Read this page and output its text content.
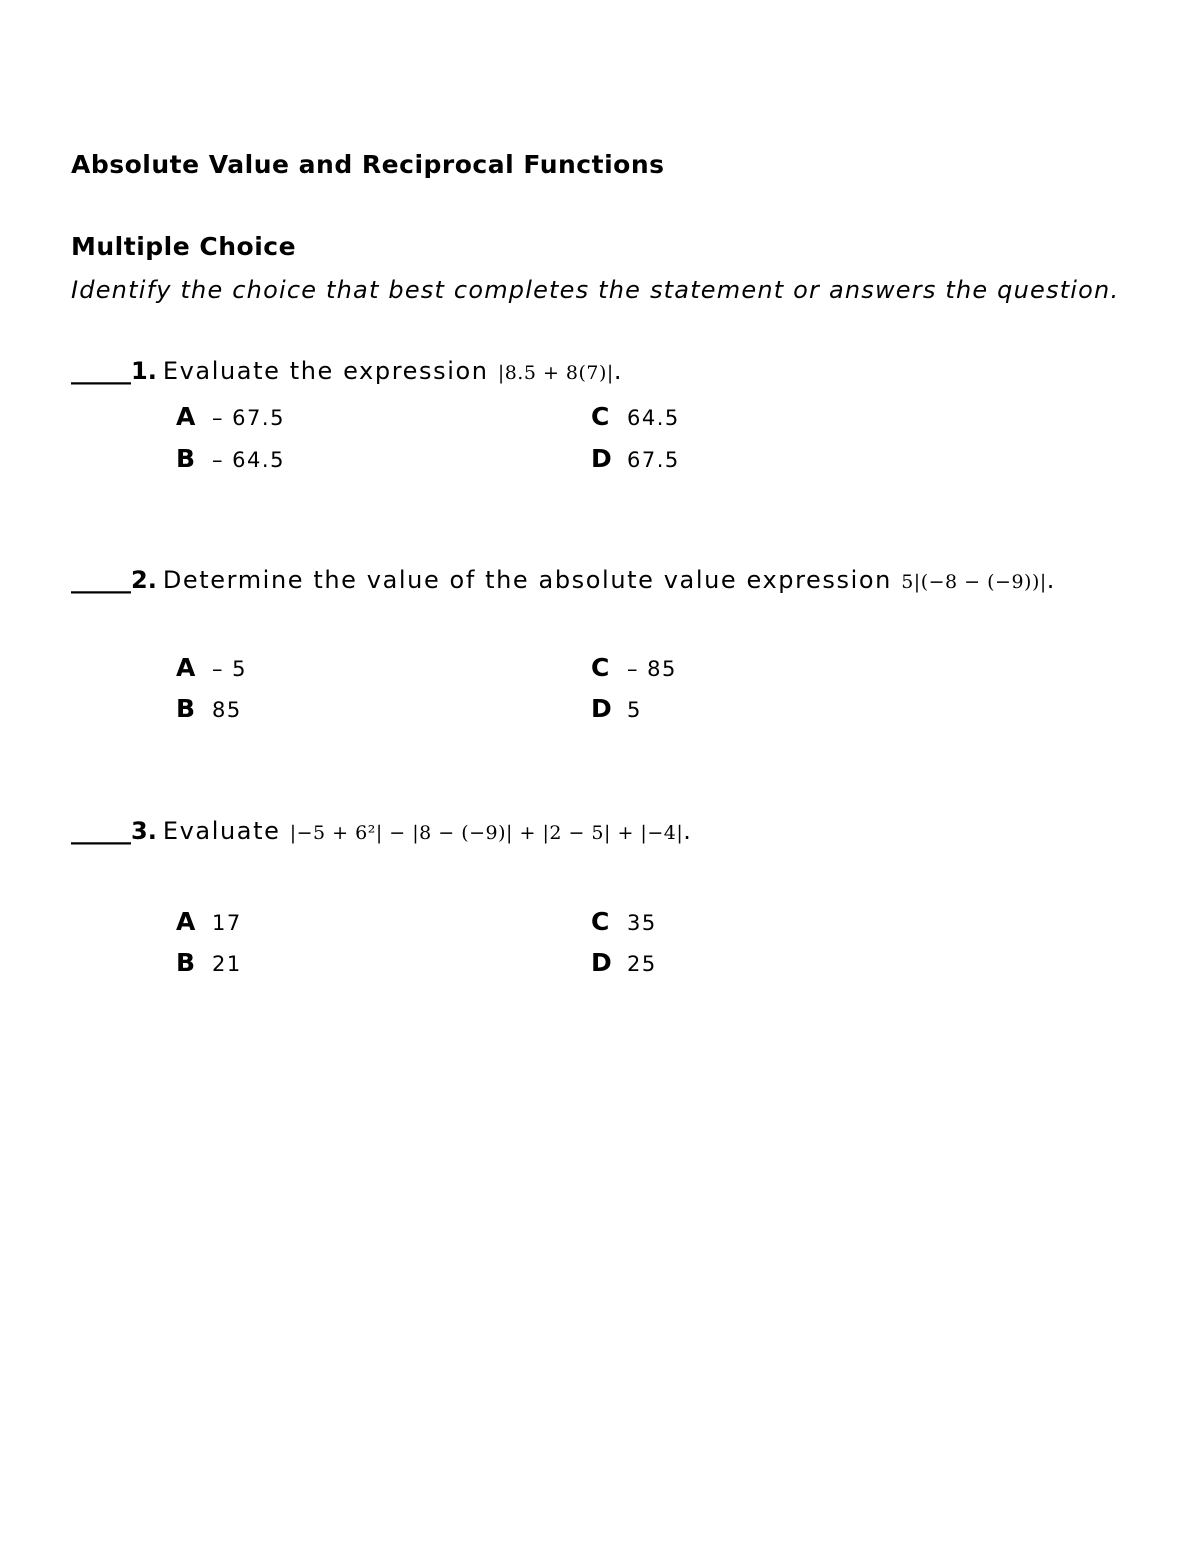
Absolute Value and Reciprocal Functions
Multiple Choice
Identify the choice that best completes the statement or answers the question.
_____1. Evaluate the expression |8.5 + 8(7)|.
A – 67.5
B – 64.5
C 64.5
D 67.5
_____2. Determine the value of the absolute value expression 5|(−8 − (−9))|.
A – 5
B 85
C – 85
D 5
_____3. Evaluate |−5 + 6²| − |8 − (−9)| + |2 − 5| + |−4|.
A 17
B 21
C 35
D 25
